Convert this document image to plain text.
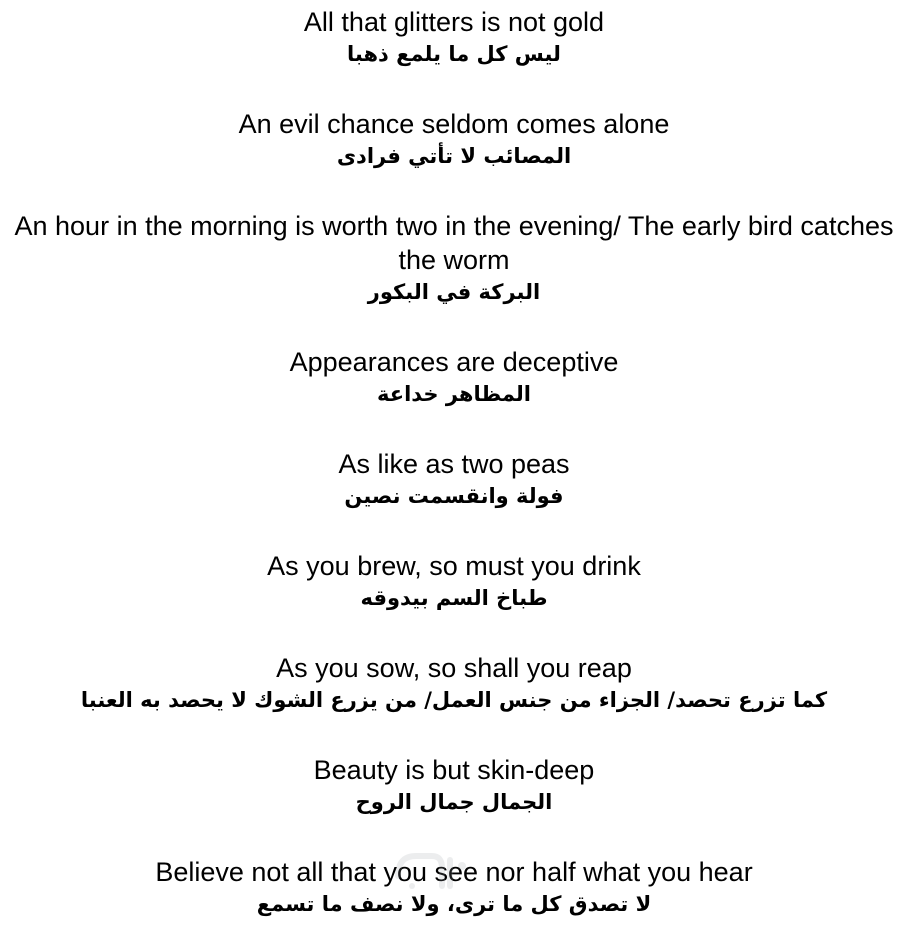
All that glitters is not gold

ليس كل ما يلمع ذهبا

An evil chance seldom comes alone

المصائب لا تأتي فرادى

An hour in the morning is worth two in the evening/ The early bird catches the worm

البركة في البكور

Appearances are deceptive

المظاهر خداعة

As like as two peas

فولة وانقسمت نصين

As you brew, so must you drink

طباخ السم بيدوقه

As you sow, so shall you reap

كما تزرع تحصد/ الجزاء من جنس العمل/ من يزرع الشوك لا يحصد به العنبا

Beauty is but skin-deep

الجمال جمال الروح

Believe not all that you see nor half what you hear

لا تصدق كل ما ترى، ولا نصف ما تسمع
